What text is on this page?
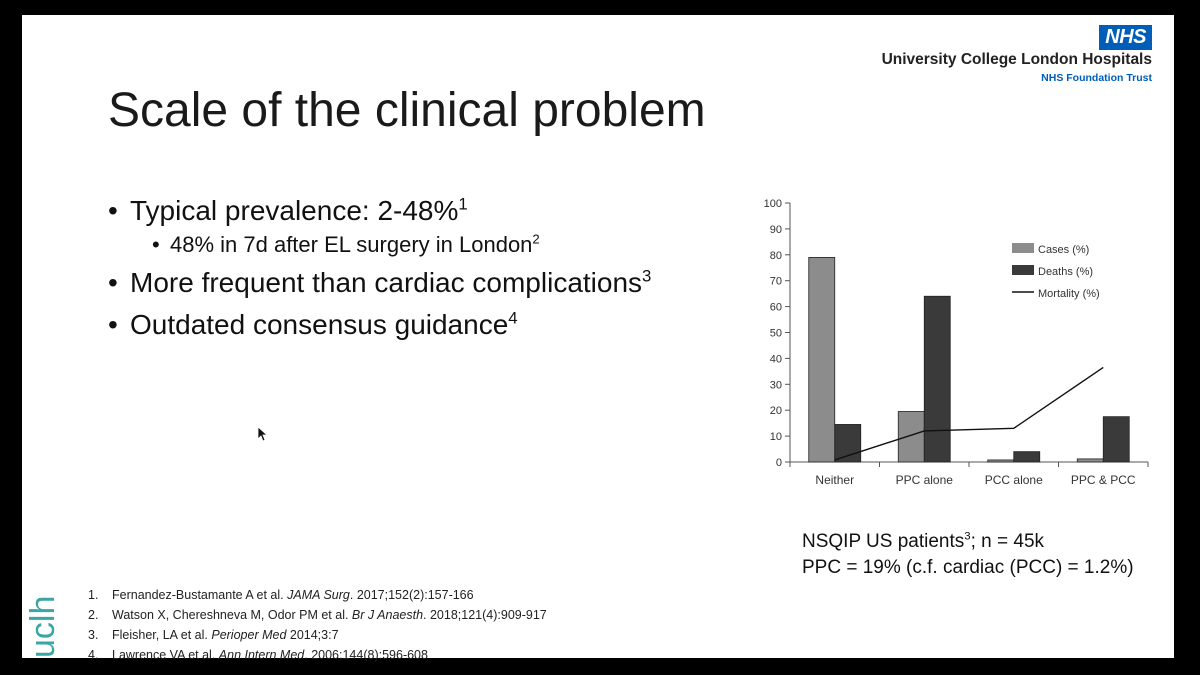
NHS
University College London Hospitals
NHS Foundation Trust
Scale of the clinical problem
• Typical prevalence: 2-48%$^1$
• 48% in 7d after EL surgery in London$^2$
• More frequent than cardiac complications$^3$
• Outdated consensus guidance$^4$
0
10
20
30
40
50
60
70
80
90
100
Neither	PPC alone	PCC alone PPC & PCC
Cases (%)
Deaths (%)
Mortality (%)
NSQIP US patients$^3$; n = 45k
PPC = 19% (c.f. cardiac (PCC) = 1.2%)
1. Fernandez-Bustamante A et al. JAMA Surg. 2017;152(2):157-166
2. Watson X, Chereshneva M, Odor PM et al. Br J Anaesth. 2018;121(4):909-917
3. Fleisher, LA et al. Perioper Med 2014;3:7
4. Lawrence VA et al. Ann Intern Med. 2006;144(8):596-608
uclh
